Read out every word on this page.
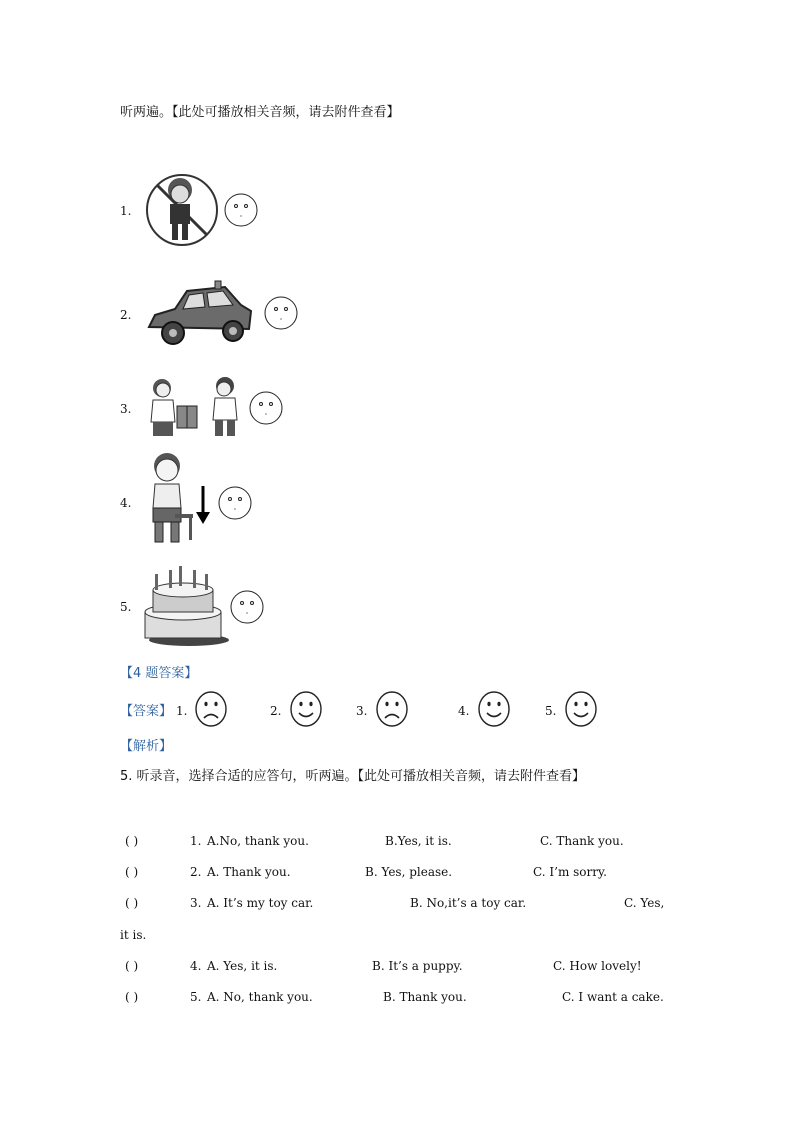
听两遍。【此处可播放相关音频，请去附件查看】
1.
2.
3.
4.
5.
【4 题答案】
【答案】 1.	2.	3.	4.	5.
【解析】
5. 听录音，选择合适的应答句，听两遍。【此处可播放相关音频，请去附件查看】
( )	1. A.No, thank you.	B.Yes, it is.	C. Thank you.
( )	2. A. Thank you.	B. Yes, please.	C. I’m sorry.
( )	3. A. It’s my toy car.	B. No,it’s a toy car.	C. Yes,
it is.
( )	4. A. Yes, it is.	B. It’s a puppy.	C. How lovely!
( )	5. A. No, thank you.	B. Thank you.	C. I want a cake.
